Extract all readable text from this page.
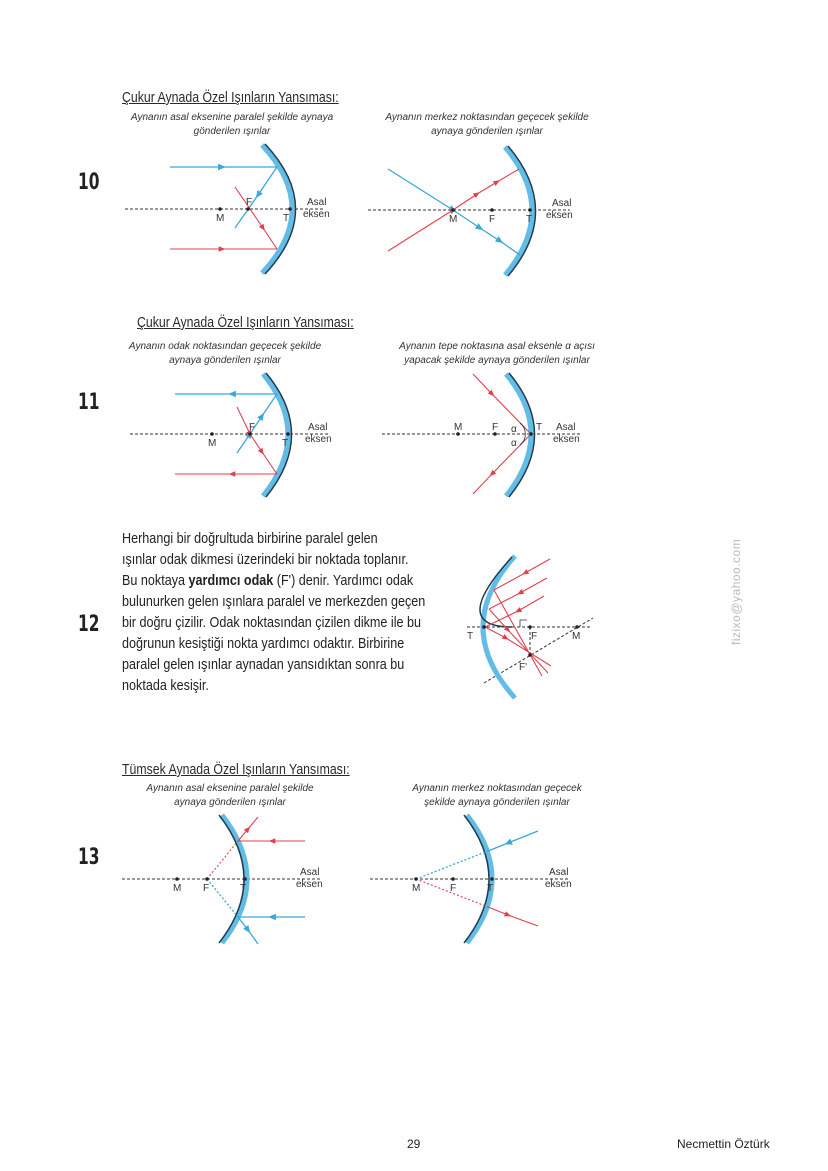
10
Çukur Aynada Özel Işınların Yansıması:
Aynanın asal eksenine paralel şekilde aynaya
gönderilen ışınlar
Aynanın merkez noktasından geçecek şekilde
aynaya gönderilen ışınlar
11
Çukur Aynada Özel Işınların Yansıması:
Aynanın odak noktasından geçecek şekilde
aynaya gönderilen ışınlar
Aynanın tepe noktasına asal eksenle α açısı
yapacak şekilde aynaya gönderilen ışınlar
12
Herhangi bir doğrultuda birbirine paralel gelen
ışınlar odak dikmesi üzerindeki bir noktada toplanır.
Bu noktaya yardımcı odak (F') denir. Yardımcı odak
bulunurken gelen ışınlara paralel ve merkezden geçen
bir doğru çizilir. Odak noktasından çizilen dikme ile bu
doğrunun kesiştiği nokta yardımcı odaktır. Birbirine
paralel gelen ışınlar aynadan yansıdıktan sonra bu
noktada kesişir.
13
Tümsek Aynada Özel Işınların Yansıması:
Aynanın asal eksenine paralel şekilde
aynaya gönderilen ışınlar
Aynanın merkez noktasından geçecek
şekilde aynaya gönderilen ışınlar
M
F
T
Asal
eksen	M	F	T
Asal
eksen
M
F
T
Asal
eksen
M	F α
α
T Asal
eksen
T	F	M
F'
M F	T
Asal
eksen	M	F	T
Asal
eksen
fizixo@yahoo.com
29	Necmettin Öztürk
